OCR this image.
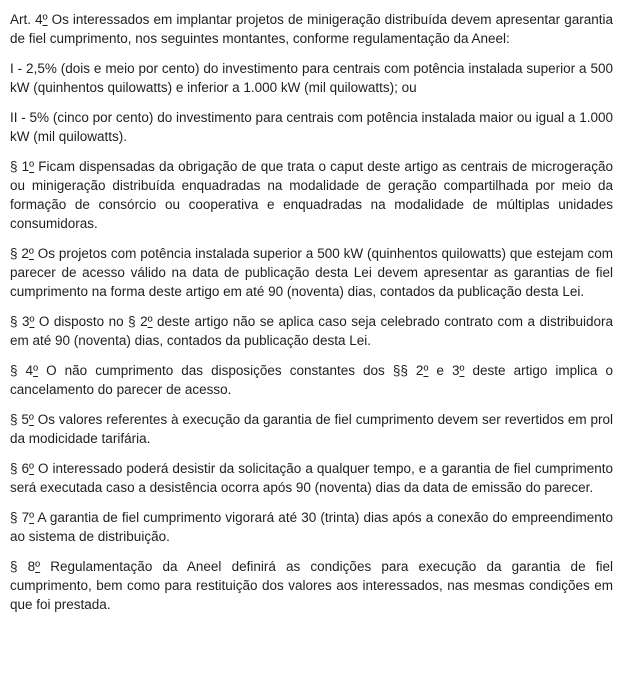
Art. 4º Os interessados em implantar projetos de minigeração distribuída devem apresentar garantia de fiel cumprimento, nos seguintes montantes, conforme regulamentação da Aneel:

I - 2,5% (dois e meio por cento) do investimento para centrais com potência instalada superior a 500 kW (quinhentos quilowatts) e inferior a 1.000 kW (mil quilowatts); ou

II - 5% (cinco por cento) do investimento para centrais com potência instalada maior ou igual a 1.000 kW (mil quilowatts).

§ 1º Ficam dispensadas da obrigação de que trata o caput deste artigo as centrais de microgeração ou minigeração distribuída enquadradas na modalidade de geração compartilhada por meio da formação de consórcio ou cooperativa e enquadradas na modalidade de múltiplas unidades consumidoras.

§ 2º Os projetos com potência instalada superior a 500 kW (quinhentos quilowatts) que estejam com parecer de acesso válido na data de publicação desta Lei devem apresentar as garantias de fiel cumprimento na forma deste artigo em até 90 (noventa) dias, contados da publicação desta Lei.

§ 3º O disposto no § 2º deste artigo não se aplica caso seja celebrado contrato com a distribuidora em até 90 (noventa) dias, contados da publicação desta Lei.

§ 4º O não cumprimento das disposições constantes dos §§ 2º e 3º deste artigo implica o cancelamento do parecer de acesso.

§ 5º Os valores referentes à execução da garantia de fiel cumprimento devem ser revertidos em prol da modicidade tarifária.

§ 6º O interessado poderá desistir da solicitação a qualquer tempo, e a garantia de fiel cumprimento será executada caso a desistência ocorra após 90 (noventa) dias da data de emissão do parecer.

§ 7º A garantia de fiel cumprimento vigorará até 30 (trinta) dias após a conexão do empreendimento ao sistema de distribuição.

§ 8º Regulamentação da Aneel definirá as condições para execução da garantia de fiel cumprimento, bem como para restituição dos valores aos interessados, nas mesmas condições em que foi prestada.
